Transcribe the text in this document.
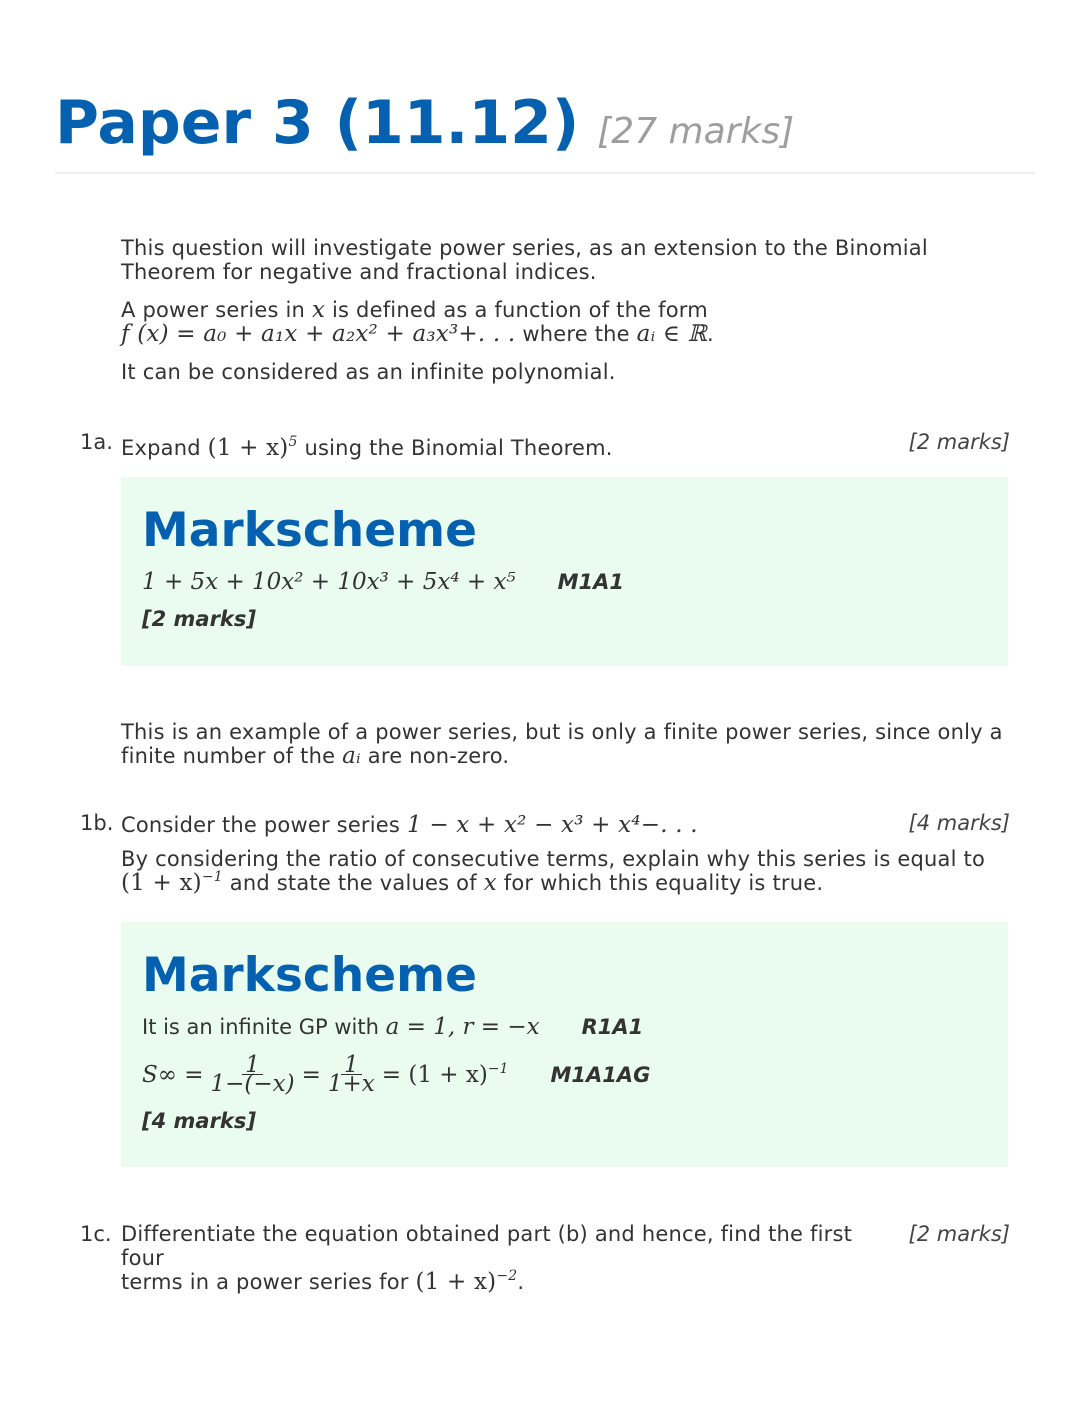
Paper 3 (11.12) [27 marks]

This question will investigate power series, as an extension to the Binomial Theorem for negative and fractional indices.

A power series in x is defined as a function of the form
f (x) = a₀ + a₁x + a₂x² + a₃x³+. . . where the aᵢ ∈ ℝ.

It can be considered as an infinite polynomial.

1a.	[2 marks]
Expand $(1 + x)^5$ using the Binomial Theorem.
Markscheme
1 + 5x + 10x² + 10x³ + 5x⁴ + x⁵ M1A1
[2 marks]
This is an example of a power series, but is only a finite power series, since only a finite number of the aᵢ are non-zero.
1b.	[4 marks]

Consider the power series 1 − x + x² − x³ + x⁴−. . .

By considering the ratio of consecutive terms, explain why this series is equal to
$(1 + x)^{-1}$ and state the values of x for which this equality is true.

Markscheme
It is an infinite GP with
a = 1, r = −x R1A1
$S\infty = \frac{1}{1-(-x)} = \frac{1}{1+x} = (1 + x)^{-1}$ M1A1AG
[4 marks]
1c.	[2 marks]
Differentiate the equation obtained part (b) and hence, find the first four
terms in a power series for $(1 + x)^{-2}$.
